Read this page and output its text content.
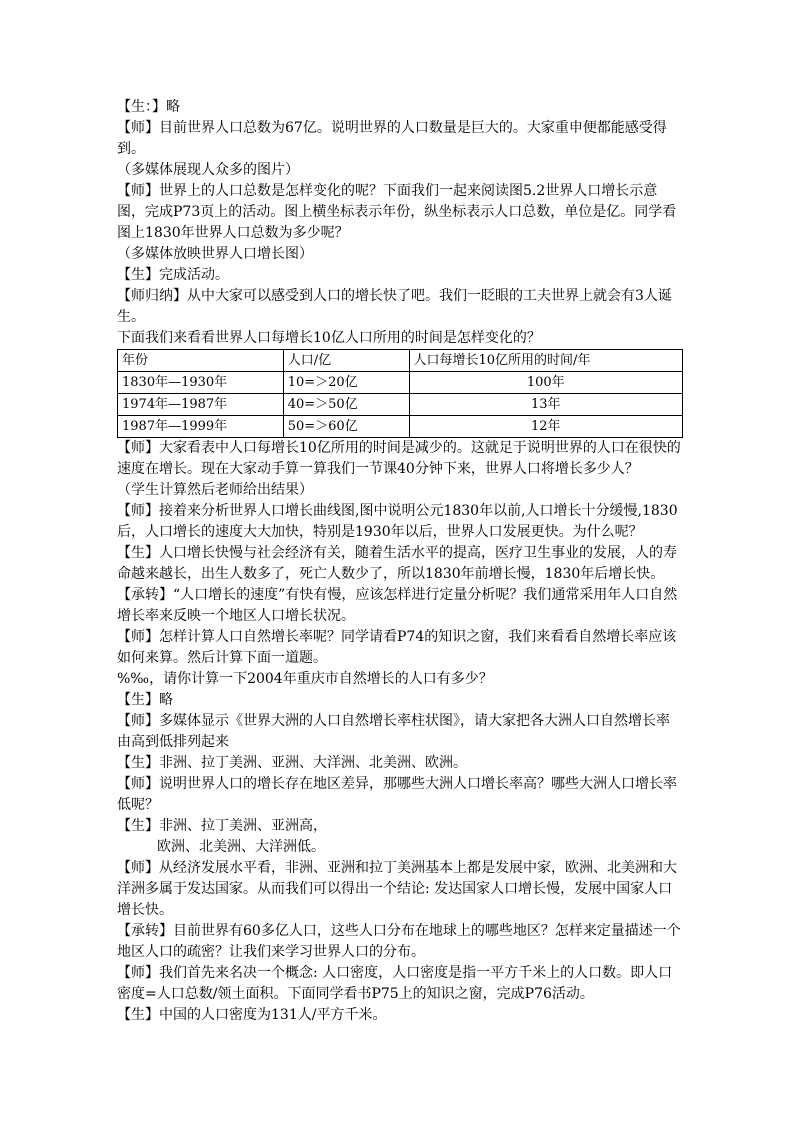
【生：】略

【师】目前世界人口总数为67亿。说明世界的人口数量是巨大的。大家重申便都能感受得到。

（多媒体展现人众多的图片）

【师】世界上的人口总数是怎样变化的呢？下面我们一起来阅读图5.2世界人口增长示意图，完成P73页上的活动。图上横坐标表示年份，纵坐标表示人口总数，单位是亿。同学看图上1830年世界人口总数为多少呢？

（多媒体放映世界人口增长图）

【生】完成活动。

【师归纳】从中大家可以感受到人口的增长快了吧。我们一眨眼的工夫世界上就会有3人诞生。

下面我们来看看世界人口每增长10亿人口所用的时间是怎样变化的？

年份	人口/亿	人口每增长10亿所用的时间/年
1830年—1930年	10=＞20亿	100年
1974年—1987年	40=＞50亿	13年
1987年—1999年	50=＞60亿	12年

【师】大家看表中人口每增长10亿所用的时间是减少的。这就足于说明世界的人口在很快的速度在增长。现在大家动手算一算我们一节课40分钟下来，世界人口将增长多少人？

（学生计算然后老师给出结果）

【师】接着来分析世界人口增长曲线图,图中说明公元1830年以前,人口增长十分缓慢,1830后，人口增长的速度大大加快，特别是1930年以后，世界人口发展更快。为什么呢？

【生】人口增长快慢与社会经济有关，随着生活水平的提高，医疗卫生事业的发展，人的寿命越来越长，出生人数多了，死亡人数少了，所以1830年前增长慢，1830年后增长快。

【承转】“人口增长的速度”有快有慢，应该怎样进行定量分析呢？我们通常采用年人口自然增长率来反映一个地区人口增长状况。

【师】怎样计算人口自然增长率呢？同学请看P74的知识之窗，我们来看看自然增长率应该如何来算。然后计算下面一道题。

%‰，请你计算一下2004年重庆市自然增长的人口有多少？

【生】略

【师】多媒体显示《世界大洲的人口自然增长率柱状图》，请大家把各大洲人口自然增长率由高到低排列起来

【生】非洲、拉丁美洲、亚洲、大洋洲、北美洲、欧洲。

【师】说明世界人口的增长存在地区差异，那哪些大洲人口增长率高？哪些大洲人口增长率低呢？

【生】非洲、拉丁美洲、亚洲高，

欧洲、北美洲、大洋洲低。

【师】从经济发展水平看，非洲、亚洲和拉丁美洲基本上都是发展中家，欧洲、北美洲和大洋洲多属于发达国家。从而我们可以得出一个结论: 发达国家人口增长慢，发展中国家人口增长快。

【承转】目前世界有60多亿人口，这些人口分布在地球上的哪些地区？怎样来定量描述一个地区人口的疏密？让我们来学习世界人口的分布。

【师】我们首先来名决一个概念: 人口密度，人口密度是指一平方千米上的人口数。即人口密度=人口总数/领土面积。下面同学看书P75上的知识之窗，完成P76活动。

【生】中国的人口密度为131人/平方千米。
